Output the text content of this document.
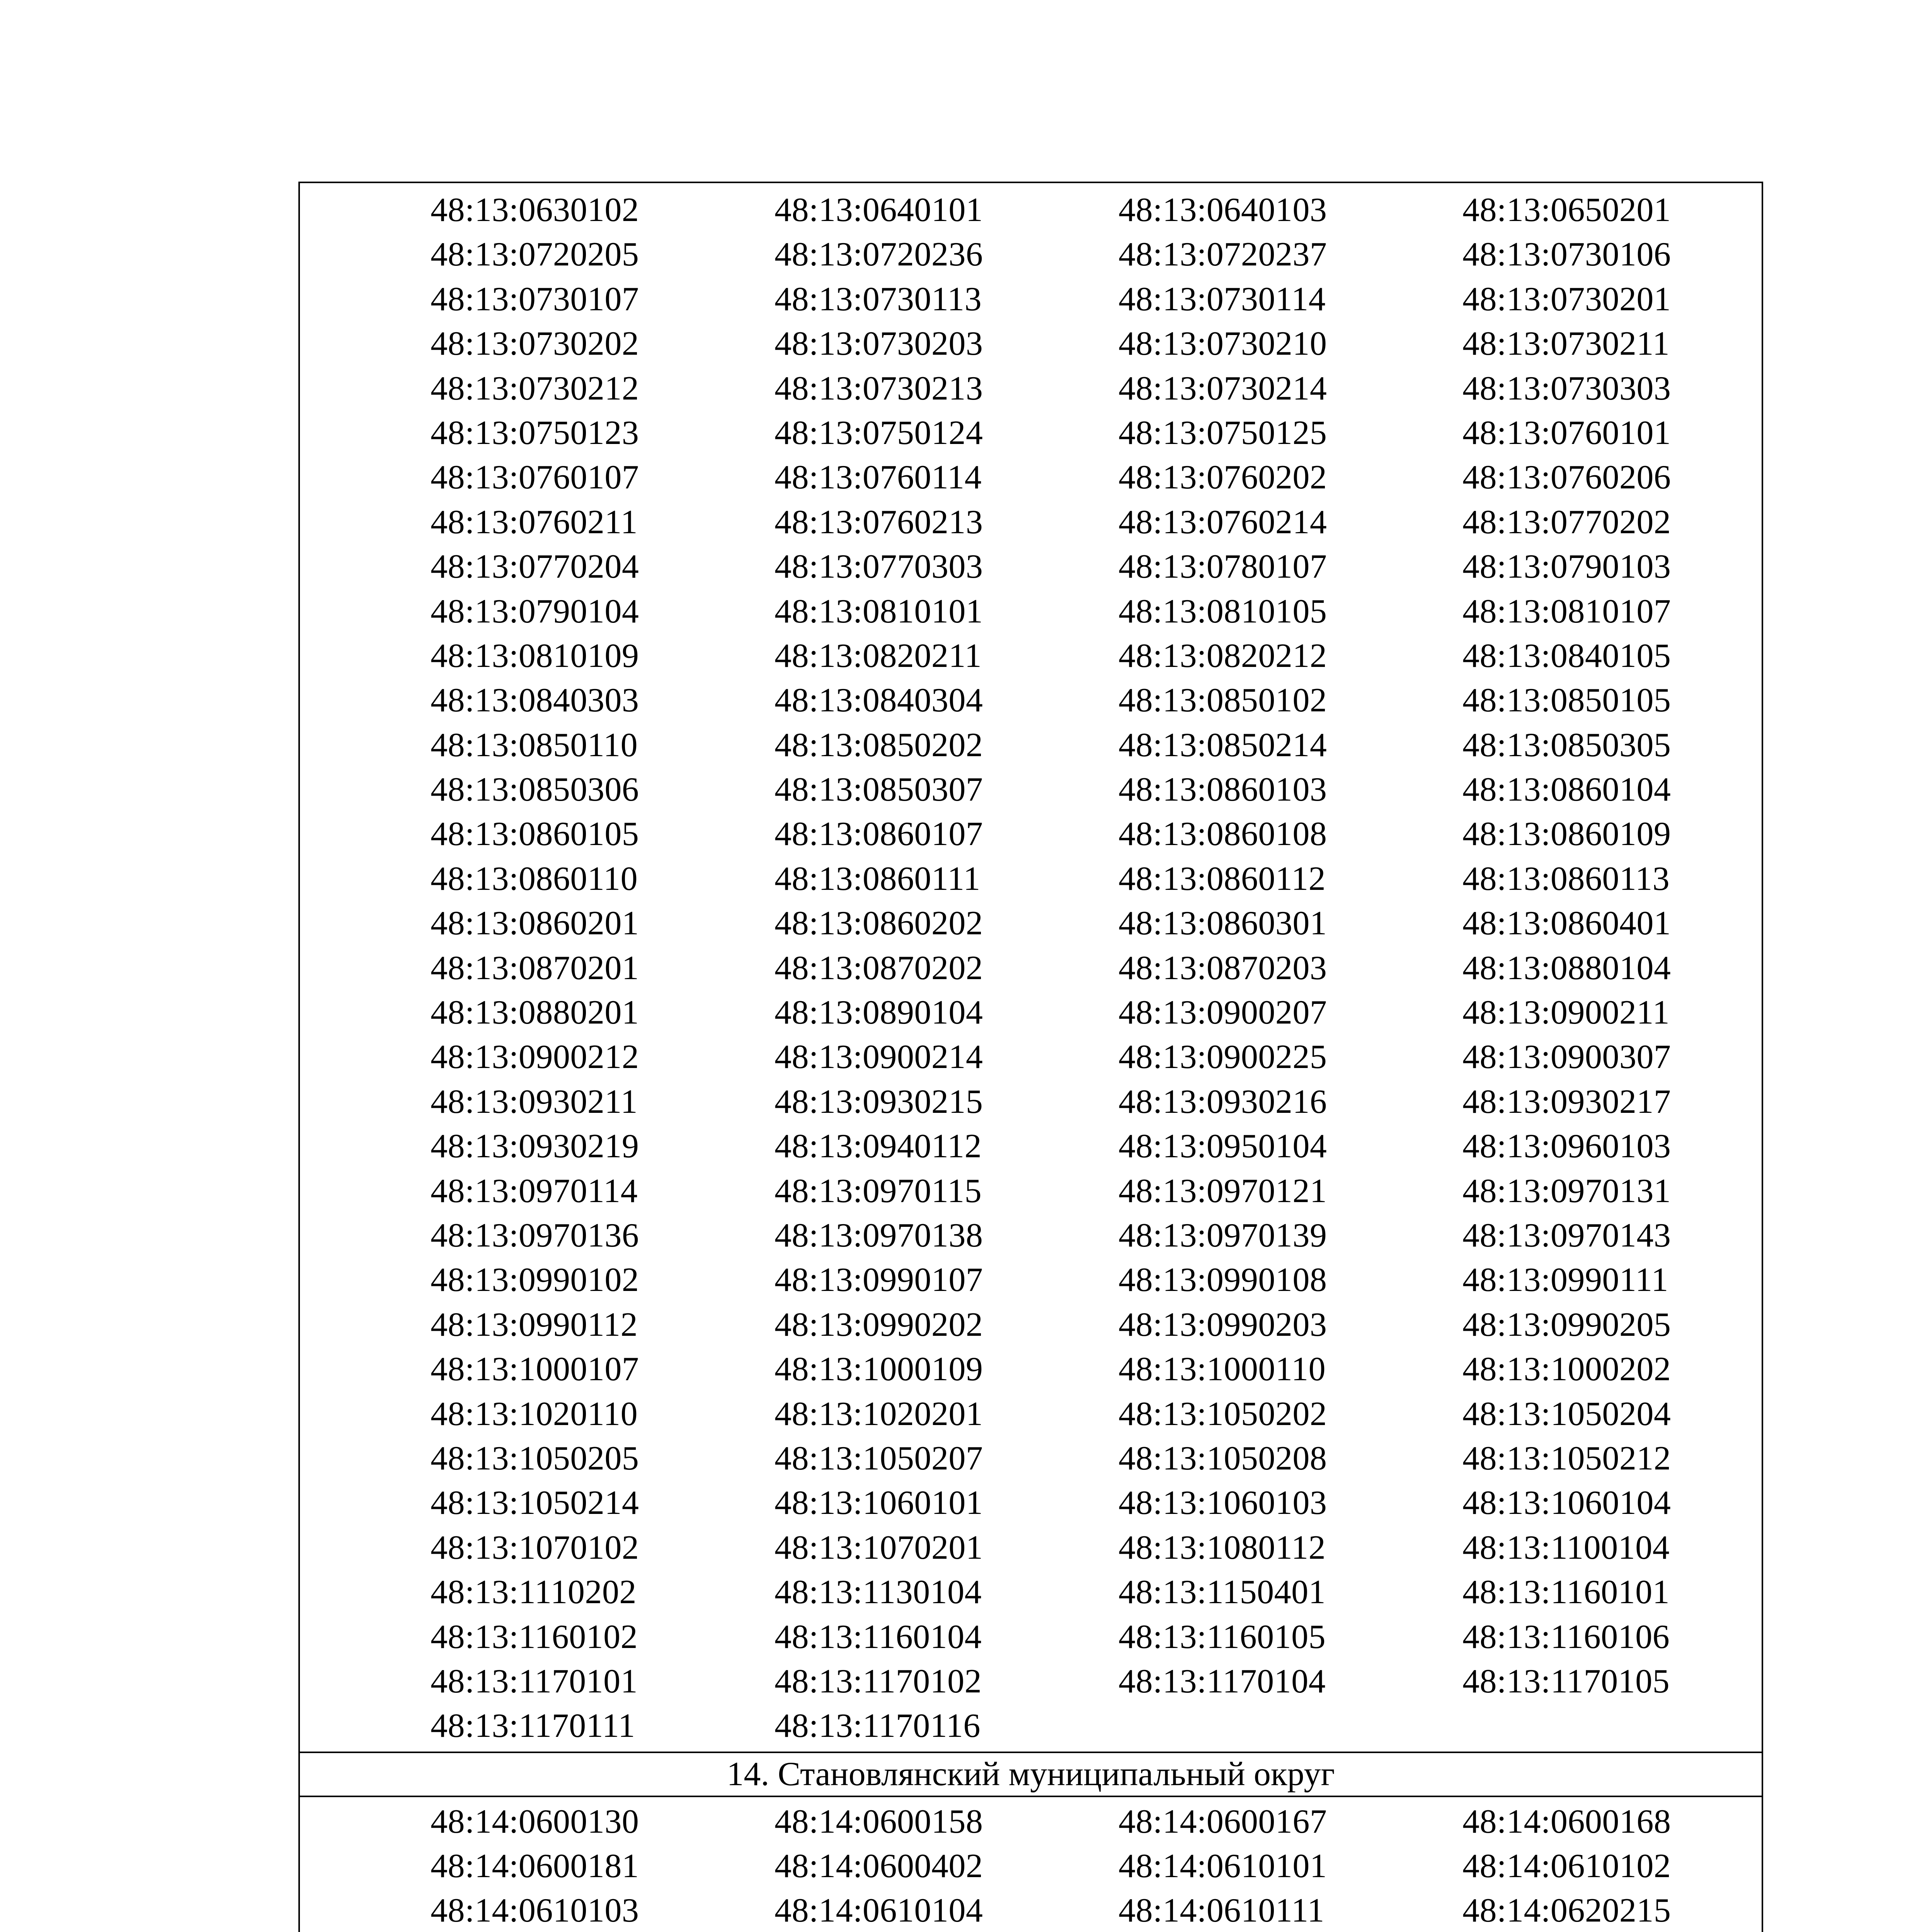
48:13:0630102	48:13:0640101	48:13:0640103	48:13:0650201
48:13:0720205	48:13:0720236	48:13:0720237	48:13:0730106
48:13:0730107	48:13:0730113	48:13:0730114	48:13:0730201
48:13:0730202	48:13:0730203	48:13:0730210	48:13:0730211
48:13:0730212	48:13:0730213	48:13:0730214	48:13:0730303
48:13:0750123	48:13:0750124	48:13:0750125	48:13:0760101
48:13:0760107	48:13:0760114	48:13:0760202	48:13:0760206
48:13:0760211	48:13:0760213	48:13:0760214	48:13:0770202
48:13:0770204	48:13:0770303	48:13:0780107	48:13:0790103
48:13:0790104	48:13:0810101	48:13:0810105	48:13:0810107
48:13:0810109	48:13:0820211	48:13:0820212	48:13:0840105
48:13:0840303	48:13:0840304	48:13:0850102	48:13:0850105
48:13:0850110	48:13:0850202	48:13:0850214	48:13:0850305
48:13:0850306	48:13:0850307	48:13:0860103	48:13:0860104
48:13:0860105	48:13:0860107	48:13:0860108	48:13:0860109
48:13:0860110	48:13:0860111	48:13:0860112	48:13:0860113
48:13:0860201	48:13:0860202	48:13:0860301	48:13:0860401
48:13:0870201	48:13:0870202	48:13:0870203	48:13:0880104
48:13:0880201	48:13:0890104	48:13:0900207	48:13:0900211
48:13:0900212	48:13:0900214	48:13:0900225	48:13:0900307
48:13:0930211	48:13:0930215	48:13:0930216	48:13:0930217
48:13:0930219	48:13:0940112	48:13:0950104	48:13:0960103
48:13:0970114	48:13:0970115	48:13:0970121	48:13:0970131
48:13:0970136	48:13:0970138	48:13:0970139	48:13:0970143
48:13:0990102	48:13:0990107	48:13:0990108	48:13:0990111
48:13:0990112	48:13:0990202	48:13:0990203	48:13:0990205
48:13:1000107	48:13:1000109	48:13:1000110	48:13:1000202
48:13:1020110	48:13:1020201	48:13:1050202	48:13:1050204
48:13:1050205	48:13:1050207	48:13:1050208	48:13:1050212
48:13:1050214	48:13:1060101	48:13:1060103	48:13:1060104
48:13:1070102	48:13:1070201	48:13:1080112	48:13:1100104
48:13:1110202	48:13:1130104	48:13:1150401	48:13:1160101
48:13:1160102	48:13:1160104	48:13:1160105	48:13:1160106
48:13:1170101	48:13:1170102	48:13:1170104	48:13:1170105
48:13:1170111	48:13:1170116

14. Становлянский муниципальный округ

48:14:0600130	48:14:0600158	48:14:0600167	48:14:0600168
48:14:0600181	48:14:0600402	48:14:0610101	48:14:0610102
48:14:0610103	48:14:0610104	48:14:0610111	48:14:0620215
